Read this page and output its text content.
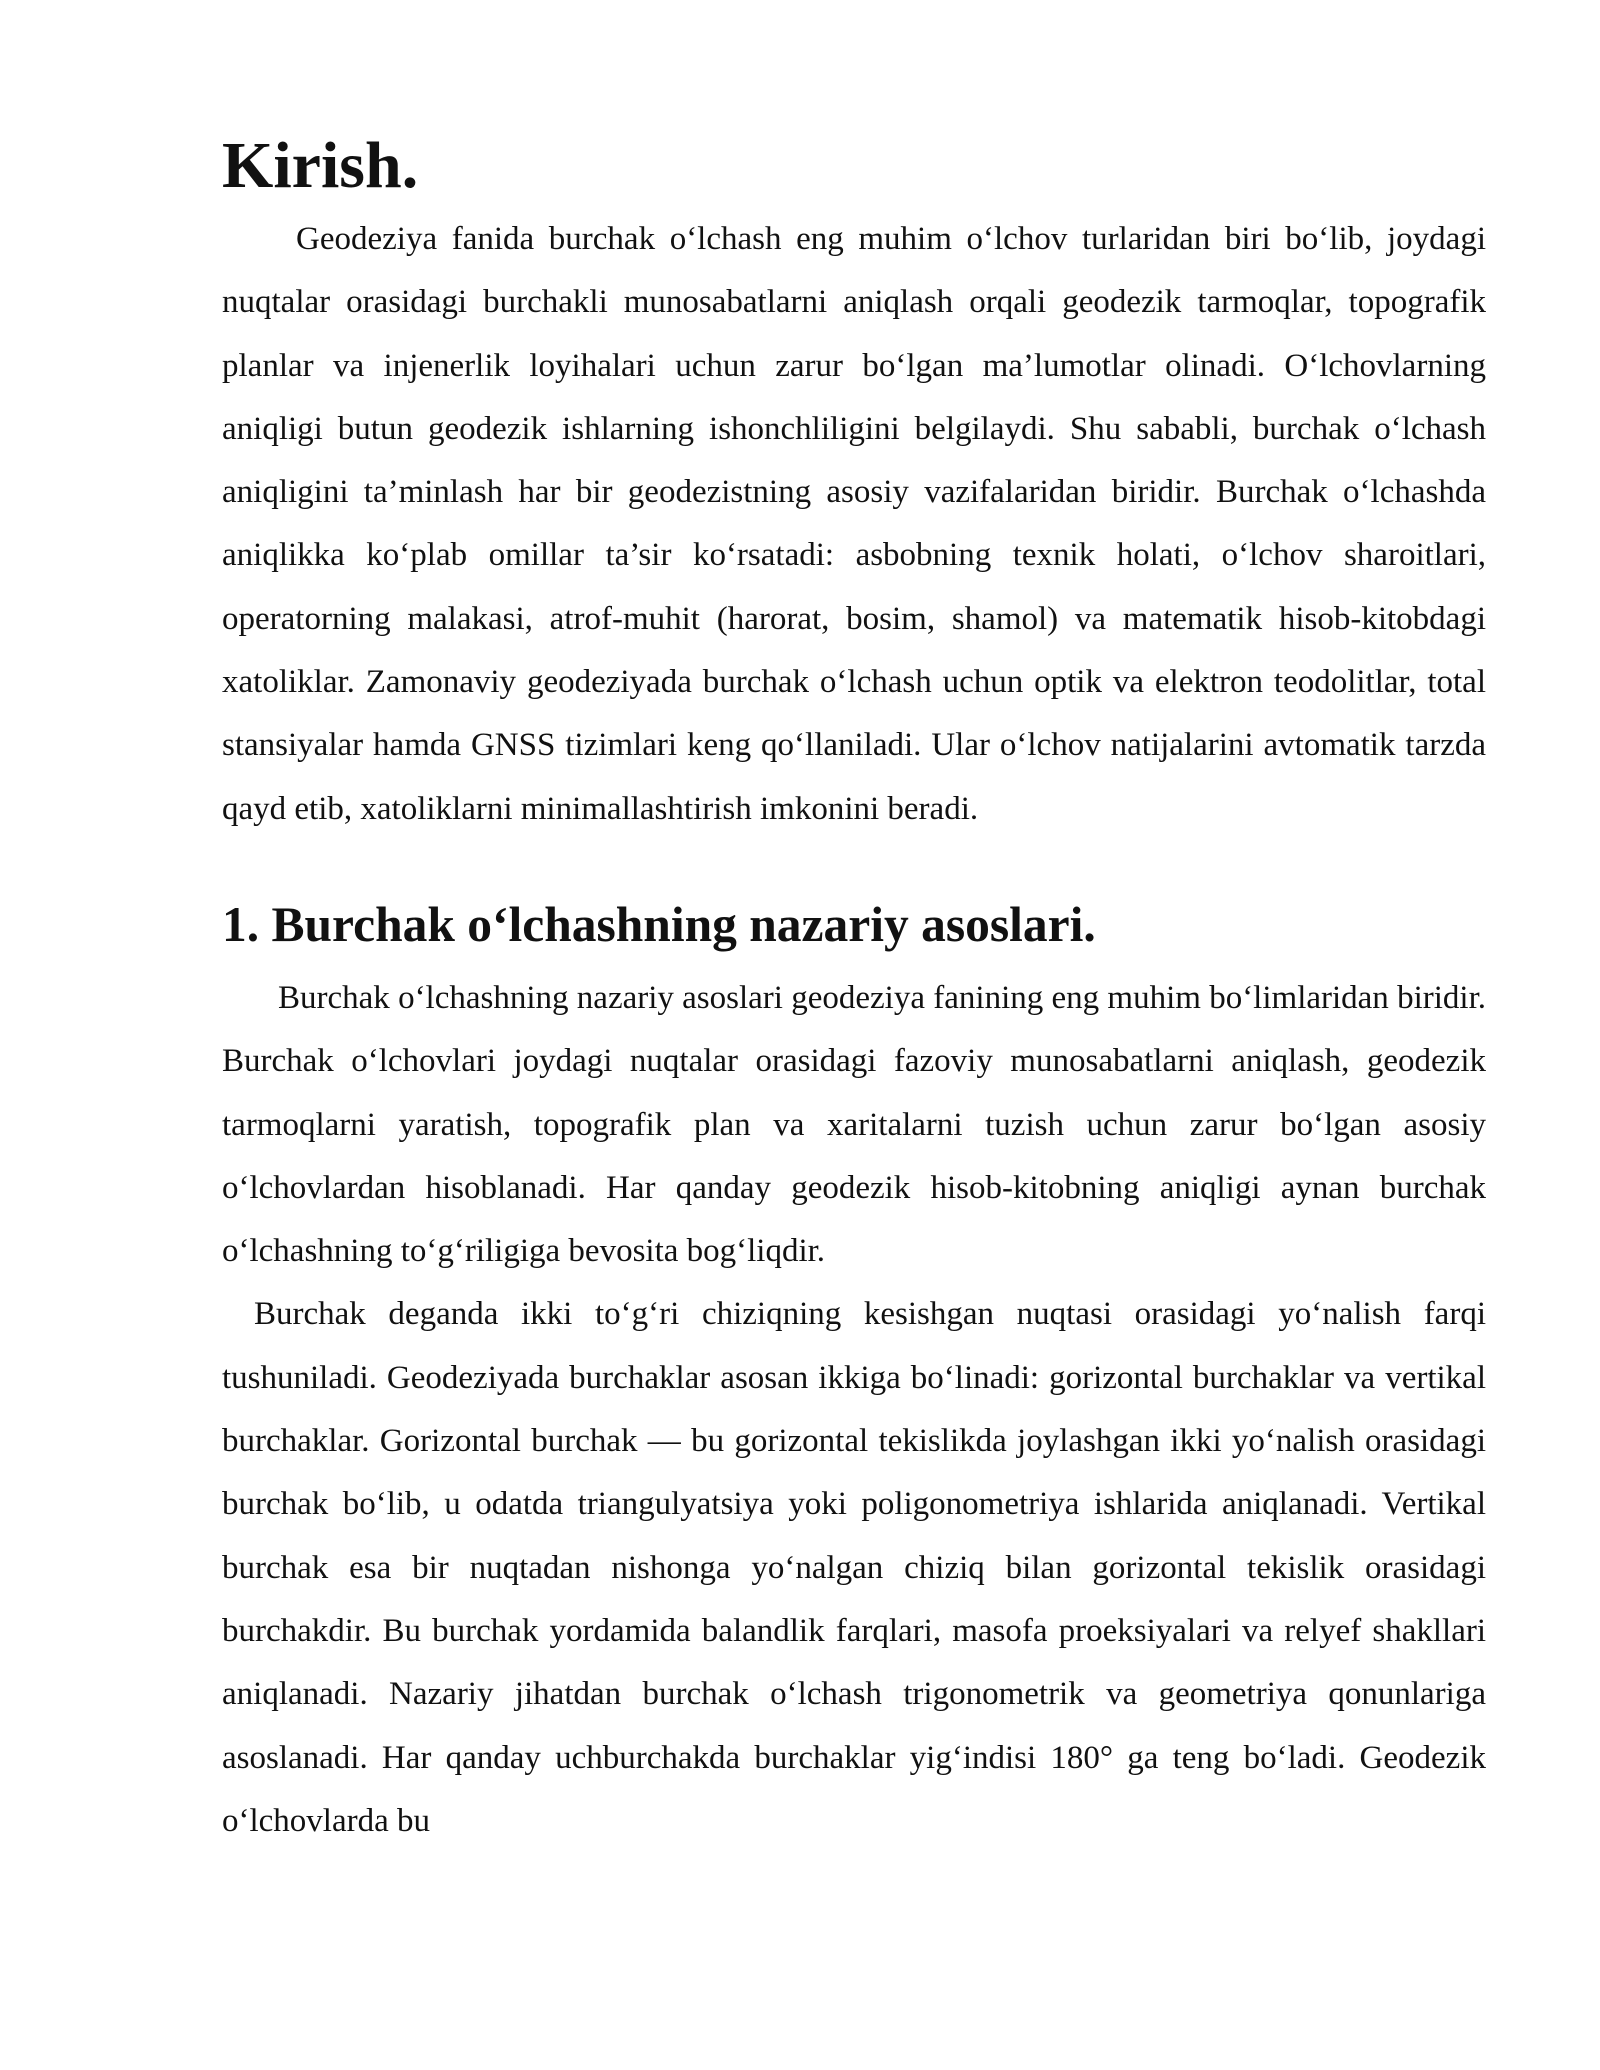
Kirish.

Geodeziya fanida burchak o‘lchash eng muhim o‘lchov turlaridan biri bo‘lib, joydagi nuqtalar orasidagi burchakli munosabatlarni aniqlash orqali geodezik tarmoqlar, topografik planlar va injenerlik loyihalari uchun zarur bo‘lgan ma’lumotlar olinadi. O‘lchovlarning aniqligi butun geodezik ishlarning ishonchliligini belgilaydi. Shu sababli, burchak o‘lchash aniqligini ta’minlash har bir geodezistning asosiy vazifalaridan biridir. Burchak o‘lchashda aniqlikka ko‘plab omillar ta’sir ko‘rsatadi: asbobning texnik holati, o‘lchov sharoitlari, operatorning malakasi, atrof-muhit (harorat, bosim, shamol) va matematik hisob-kitobdagi xatoliklar. Zamonaviy geodeziyada burchak o‘lchash uchun optik va elektron teodolitlar, total stansiyalar hamda GNSS tizimlari keng qo‘llaniladi. Ular o‘lchov natijalarini avtomatik tarzda qayd etib, xatoliklarni minimallashtirish imkonini beradi.

1. Burchak o‘lchashning nazariy asoslari.

Burchak o‘lchashning nazariy asoslari geodeziya fanining eng muhim bo‘limlaridan biridir. Burchak o‘lchovlari joydagi nuqtalar orasidagi fazoviy munosabatlarni aniqlash, geodezik tarmoqlarni yaratish, topografik plan va xaritalarni tuzish uchun zarur bo‘lgan asosiy o‘lchovlardan hisoblanadi. Har qanday geodezik hisob-kitobning aniqligi aynan burchak o‘lchashning to‘g‘riligiga bevosita bog‘liqdir.

Burchak deganda ikki to‘g‘ri chiziqning kesishgan nuqtasi orasidagi yo‘nalish farqi tushuniladi. Geodeziyada burchaklar asosan ikkiga bo‘linadi: gorizontal burchaklar va vertikal burchaklar. Gorizontal burchak — bu gorizontal tekislikda joylashgan ikki yo‘nalish orasidagi burchak bo‘lib, u odatda triangulyatsiya yoki poligonometriya ishlarida aniqlanadi. Vertikal burchak esa bir nuqtadan nishonga yo‘nalgan chiziq bilan gorizontal tekislik orasidagi burchakdir. Bu burchak yordamida balandlik farqlari, masofa proeksiyalari va relyef shakllari aniqlanadi. Nazariy jihatdan burchak o‘lchash trigonometrik va geometriya qonunlariga asoslanadi. Har qanday uchburchakda burchaklar yig‘indisi 180° ga teng bo‘ladi. Geodezik o‘lchovlarda bu
